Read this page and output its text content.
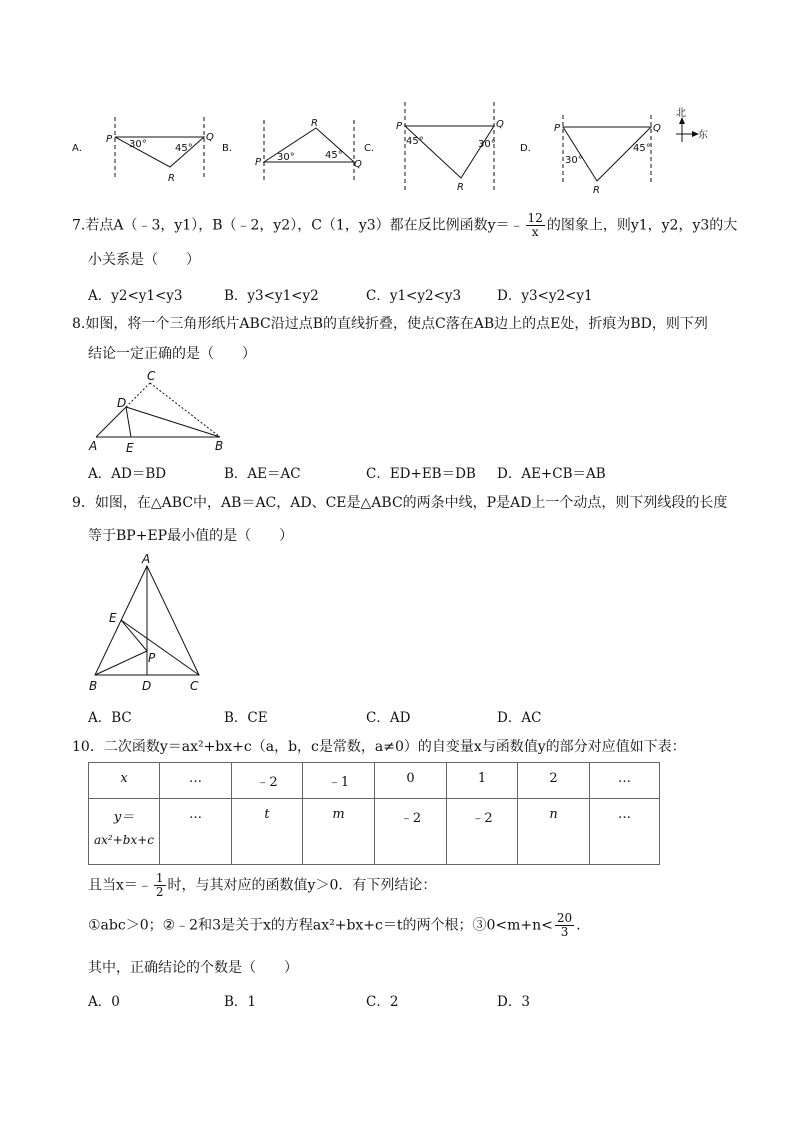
A．
P	Q
R
30°	45°	B．
P	Q
R
30°	45°
C．
P	Q
R
45°	30° D．
P	Q
R
30°
45°
北
东
7.若点A（﹣3，y1），B（﹣2，y2），C（1，y3）都在反比例函数y＝﹣ $\frac{12}{x}$ 的图象上，则y1，y2，y3的大
小关系是（　　）
A．y2<y1<y3	B．y3<y1<y2	C．y1<y2<y3	D．y3<y2<y1
8.如图，将一个三角形纸片ABC沿过点B的直线折叠，使点C落在AB边上的点E处，折痕为BD，则下列
结论一定正确的是（　　）
A	B
C
D
E
A．AD＝BD	B．AE＝AC	C．ED+EB＝DB D．AE+CB＝AB
9．如图，在△ABC中，AB＝AC，AD、CE是△ABC的两条中线，P是AD上一个动点，则下列线段的长度
等于BP+EP最小值的是（　　）
A
B	C
D
E
P
A．BC	B．CE	C．AD	D．AC
10．二次函数y＝ax²+bx+c（a，b，c是常数，a≠0）的自变量x与函数值y的部分对应值如下表：
x	…	﹣2	﹣1	0	1	2	…

y＝
ax²+bx+c	…	t	m	﹣2	﹣2	n	…
且当x＝﹣ $\frac{1}{2}$ 时，与其对应的函数值y＞0．有下列结论：
①abc＞0；②﹣2和3是关于x的方程ax²+bx+c＝t的两个根；③0<m+n< $\frac{20}{3}$ ．
其中，正确结论的个数是（　　）
A．0	B．1	C．2	D．3
